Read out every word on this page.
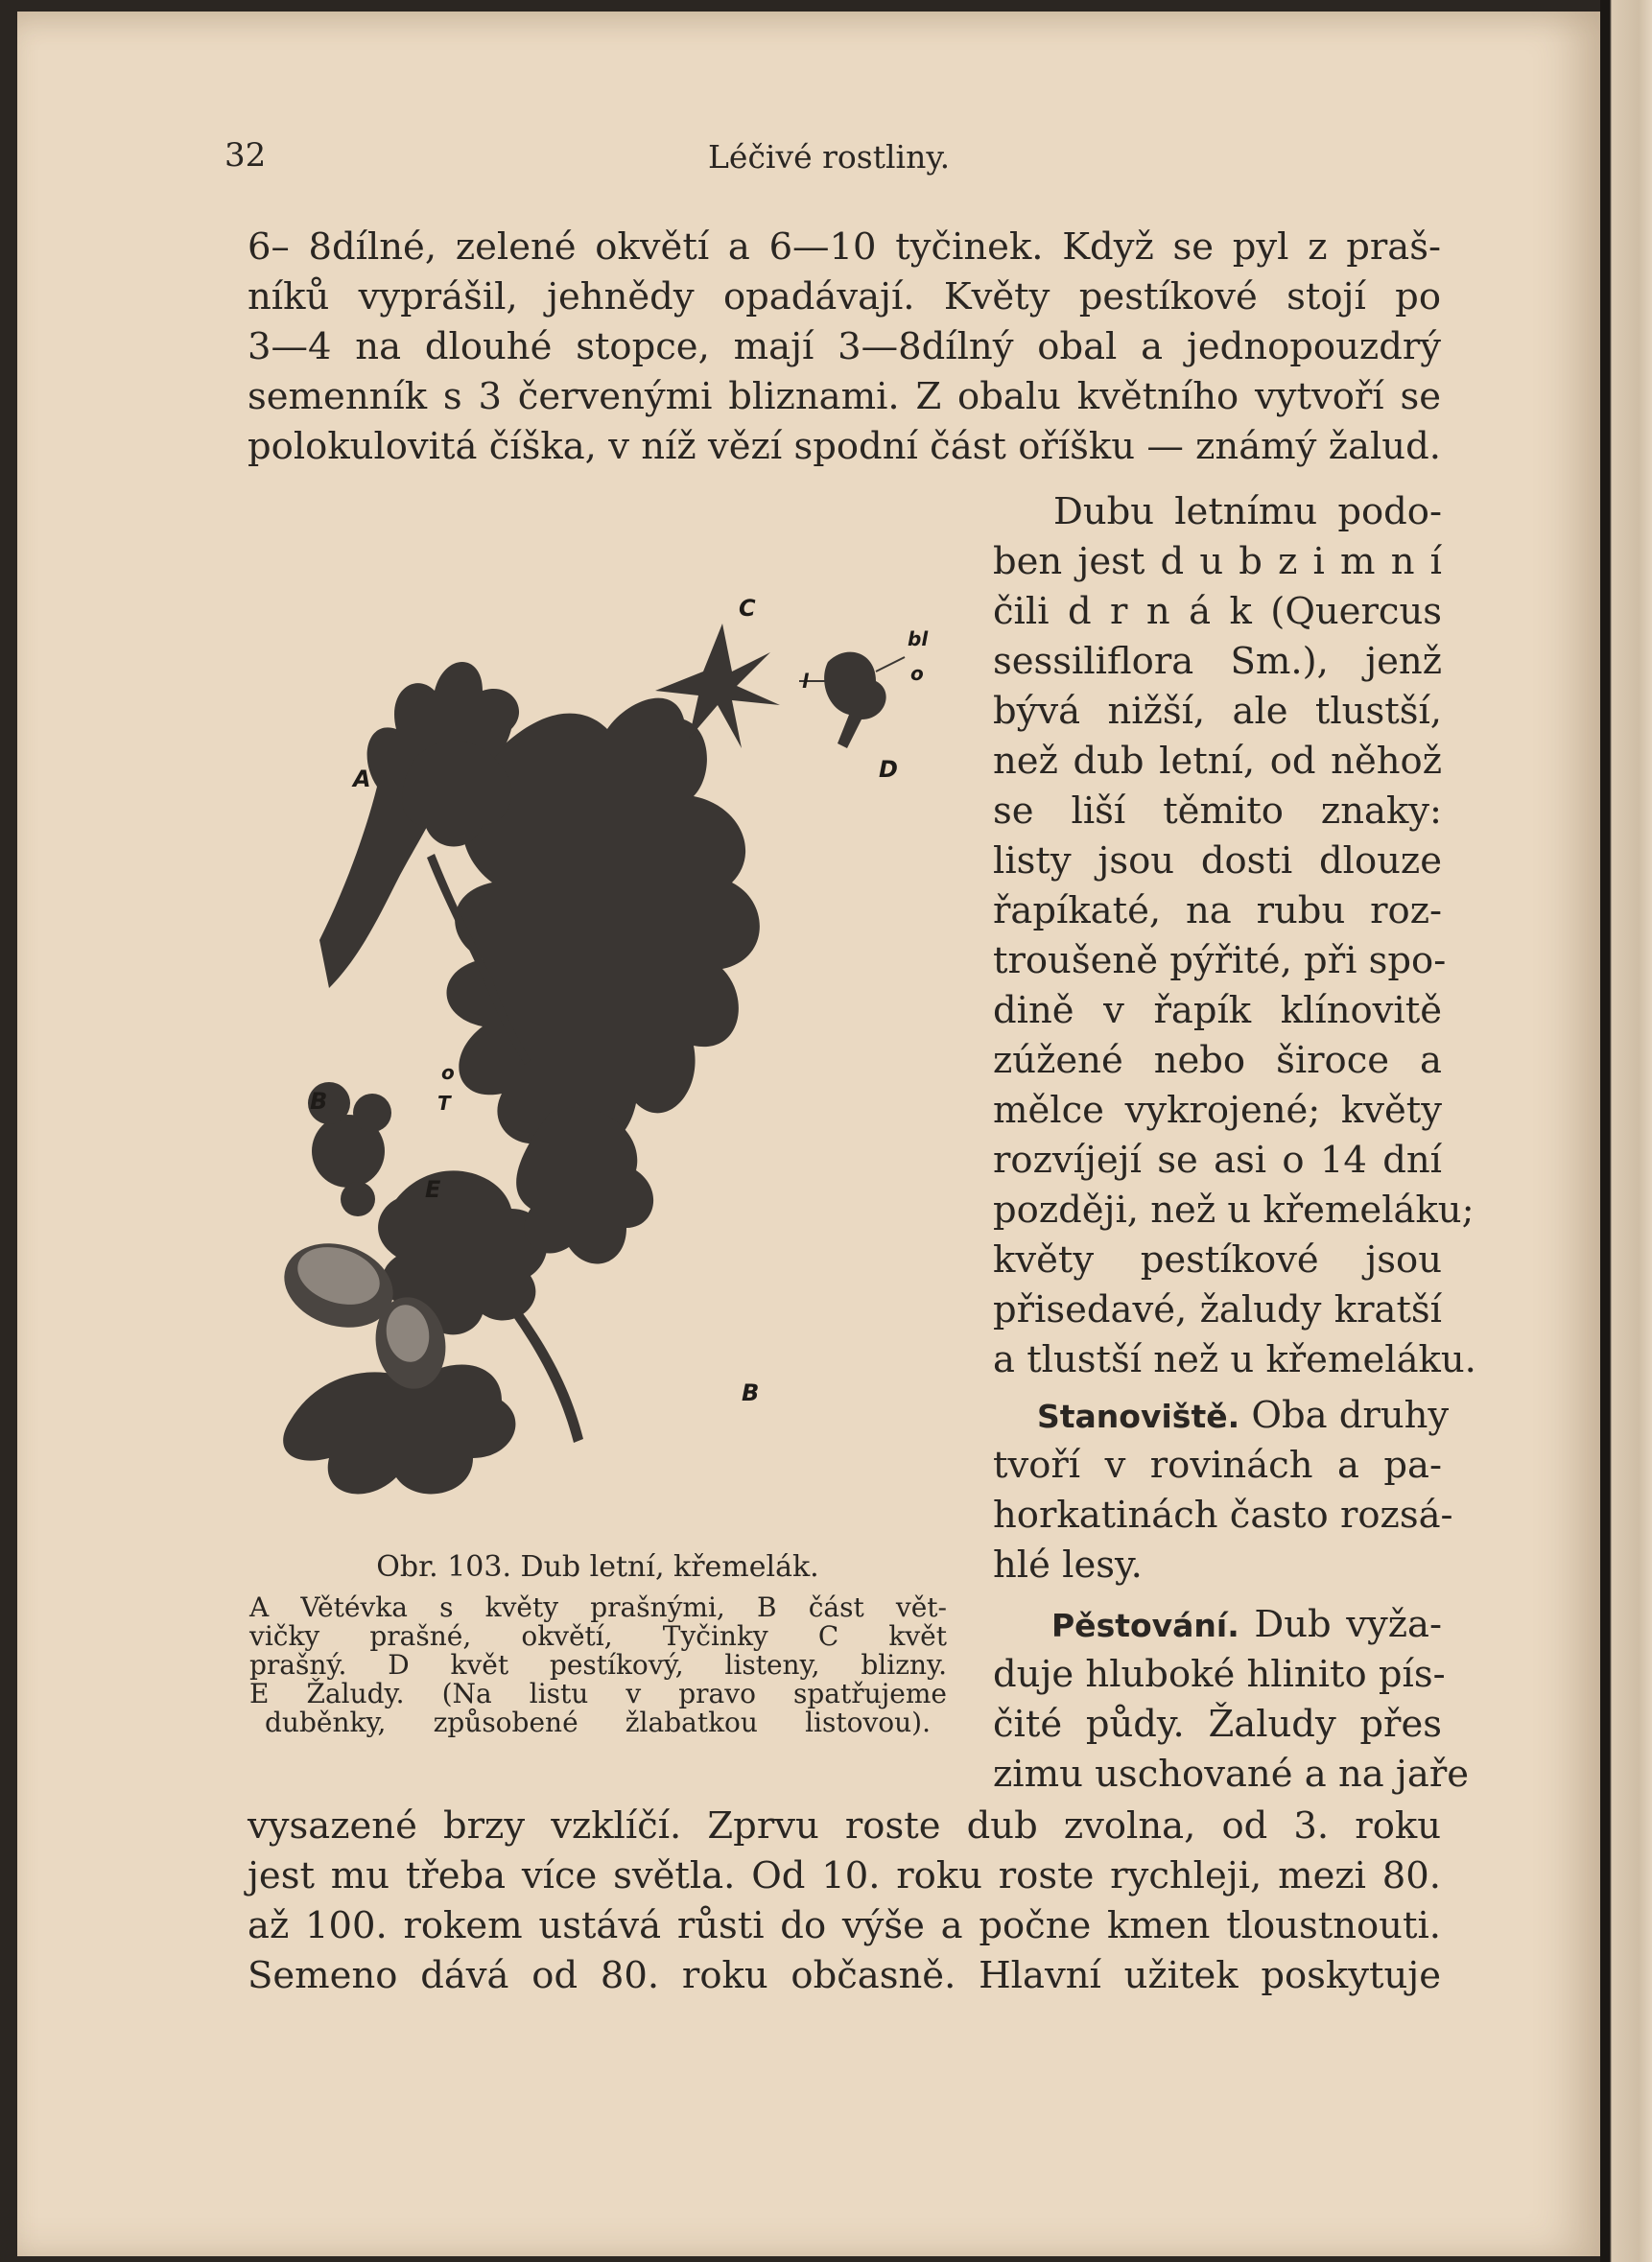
32	Léčivé rostliny.
6– 8dílné, zelené okvětí a 6—10 tyčinek. Když se pyl z praš-
níků vyprášil, jehnědy opadávají. Květy pestíkové stojí po
3—4 na dlouhé stopce, mají 3—8dílný obal a jednopouzdrý
semenník s 3 červenými bliznami. Z obalu květního vytvoří se
polokulovitá číška, v níž vězí spodní část oříšku — známý žalud.
Dubu letnímu podo-
ben jest d u b z i m n í
čili d r n á k (Quercus
sessiliflora Sm.), jenž
bývá nižší, ale tlustší,
než dub letní, od něhož
se liší těmito znaky:
listy jsou dosti dlouze
řapíkaté, na rubu roz-
troušeně pýřité, při spo-
dině v řapík klínovitě
zúžené nebo široce a
mělce vykrojené; květy
rozvíjejí se asi o 14 dní
později, než u křemeláku;
květy pestíkové jsou
přisedavé, žaludy kratší
a tlustší než u křemeláku.
Stanoviště. Oba druhy
tvoří v rovinách a pa-
horkatinách často rozsá-
hlé lesy.
Pěstování. Dub vyža-
duje hluboké hlinito pís-
čité půdy. Žaludy přes
zimu uschované a na jaře
vysazené brzy vzklíčí. Zprvu roste dub zvolna, od 3. roku
jest mu třeba více světla. Od 10. roku roste rychleji, mezi 80.
až 100. rokem ustává růsti do výše a počne kmen tloustnouti.
Semeno dává od 80. roku občasně. Hlavní užitek poskytuje
A
B
B
C
D
E
bl
l	o
o
T
Obr. 103. Dub letní, křemelák.
A Větévka s květy prašnými, B část vět-
vičky prašné, okvětí, Tyčinky C květ
prašný. D květ pestíkový, listeny, blizny.
E Žaludy. (Na listu v pravo spatřujeme
duběnky, způsobené žlabatkou listovou).
